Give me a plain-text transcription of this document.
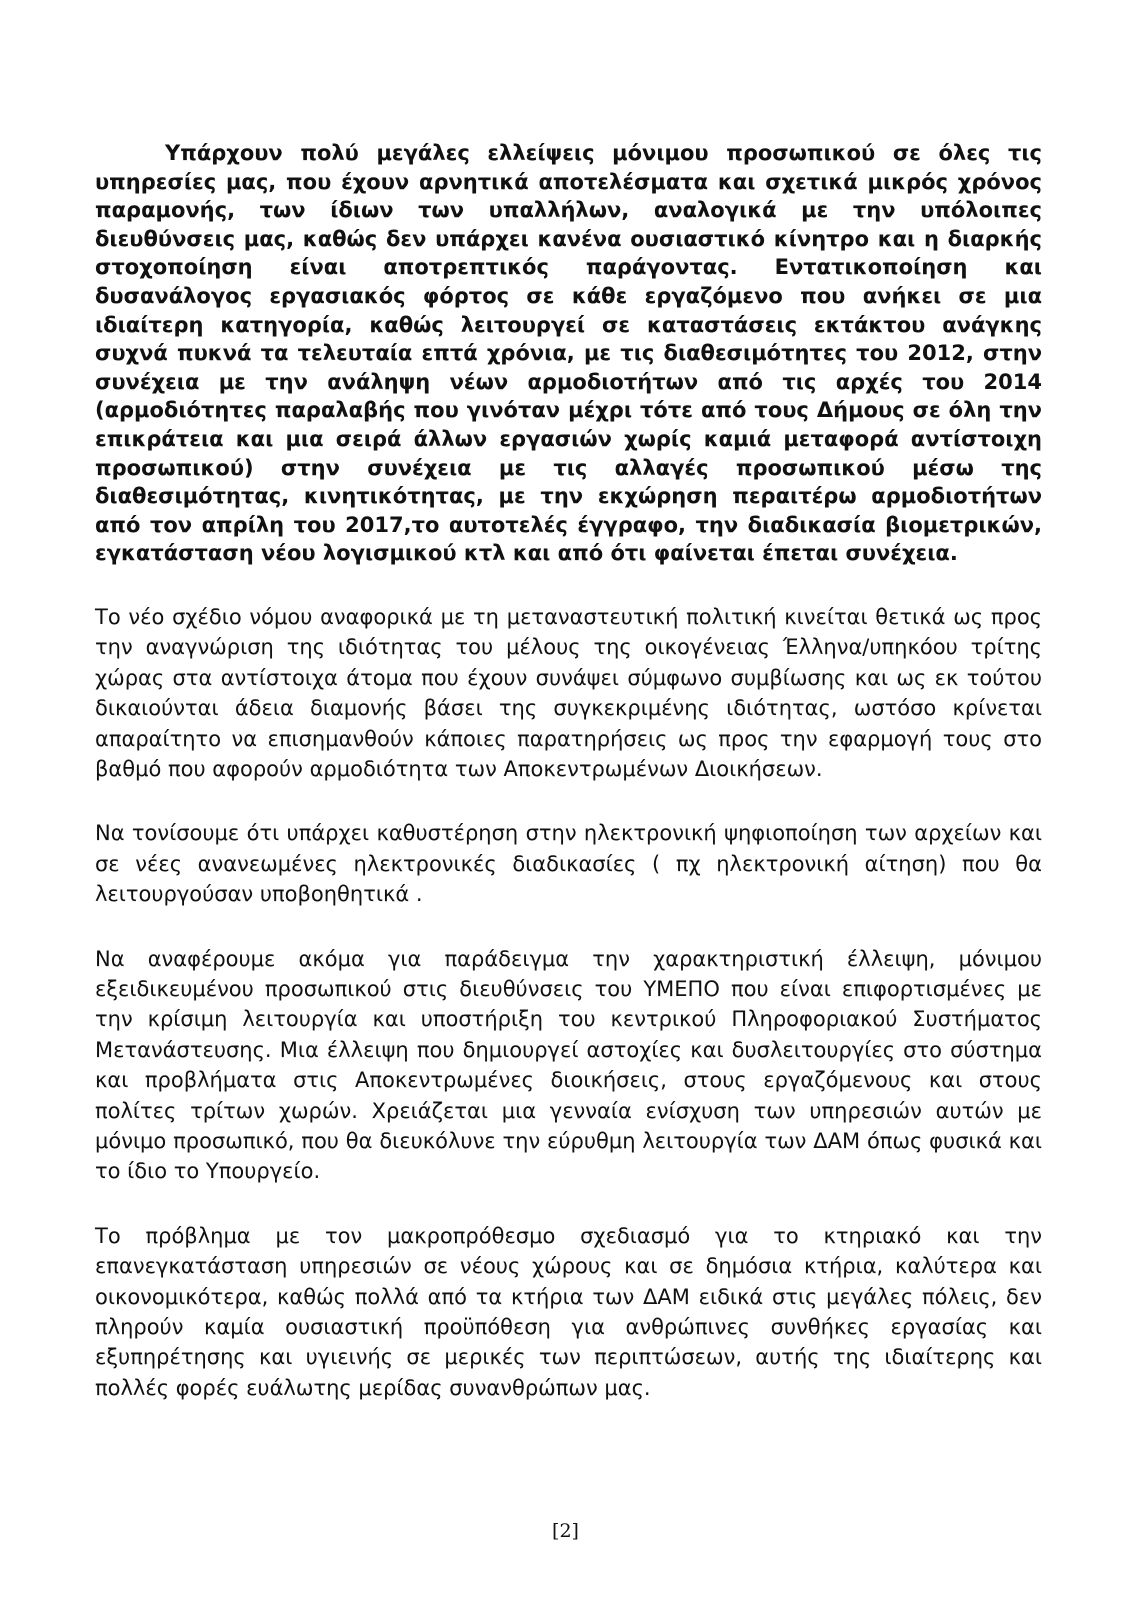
Υπάρχουν πολύ μεγάλες ελλείψεις μόνιμου προσωπικού σε όλες τις υπηρεσίες μας, που έχουν αρνητικά αποτελέσματα και σχετικά μικρός χρόνος παραμονής, των ίδιων των υπαλλήλων, αναλογικά με την υπόλοιπες διευθύνσεις μας, καθώς δεν υπάρχει κανένα ουσιαστικό κίνητρο και η διαρκής στοχοποίηση είναι αποτρεπτικός παράγοντας. Εντατικοποίηση και δυσανάλογος εργασιακός φόρτος σε κάθε εργαζόμενο που ανήκει σε μια ιδιαίτερη κατηγορία, καθώς λειτουργεί σε καταστάσεις εκτάκτου ανάγκης συχνά πυκνά τα τελευταία επτά χρόνια, με τις διαθεσιμότητες του 2012, στην συνέχεια με την ανάληψη νέων αρμοδιοτήτων από τις αρχές του 2014 (αρμοδιότητες παραλαβής που γινόταν μέχρι τότε από τους Δήμους σε όλη την επικράτεια και μια σειρά άλλων εργασιών χωρίς καμιά μεταφορά αντίστοιχη προσωπικού) στην συνέχεια με τις αλλαγές προσωπικού μέσω της διαθεσιμότητας, κινητικότητας, με την εκχώρηση περαιτέρω αρμοδιοτήτων από τον απρίλη του 2017,το αυτοτελές έγγραφο, την διαδικασία βιομετρικών, εγκατάσταση νέου λογισμικού κτλ και από ότι φαίνεται έπεται συνέχεια.

Το νέο σχέδιο νόμου αναφορικά με τη μεταναστευτική πολιτική κινείται θετικά ως προς την αναγνώριση της ιδιότητας του μέλους της οικογένειας Έλληνα/υπηκόου τρίτης χώρας στα αντίστοιχα άτομα που έχουν συνάψει σύμφωνο συμβίωσης και ως εκ τούτου δικαιούνται άδεια διαμονής βάσει της συγκεκριμένης ιδιότητας, ωστόσο κρίνεται απαραίτητο να επισημανθούν κάποιες παρατηρήσεις ως προς την εφαρμογή τους στο βαθμό που αφορούν αρμοδιότητα των Αποκεντρωμένων Διοικήσεων.

Να τονίσουμε ότι υπάρχει καθυστέρηση στην ηλεκτρονική ψηφιοποίηση των αρχείων και σε νέες ανανεωμένες ηλεκτρονικές διαδικασίες ( πχ ηλεκτρονική αίτηση) που θα λειτουργούσαν υποβοηθητικά .

Να αναφέρουμε ακόμα για παράδειγμα την χαρακτηριστική έλλειψη, μόνιμου εξειδικευμένου προσωπικού στις διευθύνσεις του ΥΜΕΠΟ που είναι επιφορτισμένες με την κρίσιμη λειτουργία και υποστήριξη του κεντρικού Πληροφοριακού Συστήματος Μετανάστευσης. Μια έλλειψη που δημιουργεί αστοχίες και δυσλειτουργίες στο σύστημα και προβλήματα στις Αποκεντρωμένες διοικήσεις, στους εργαζόμενους και στους πολίτες τρίτων χωρών. Χρειάζεται μια γενναία ενίσχυση των υπηρεσιών αυτών με μόνιμο προσωπικό, που θα διευκόλυνε την εύρυθμη λειτουργία των ΔΑΜ όπως φυσικά και το ίδιο το Υπουργείο.

Το πρόβλημα με τον μακροπρόθεσμο σχεδιασμό για το κτηριακό και την επανεγκατάσταση υπηρεσιών σε νέους χώρους και σε δημόσια κτήρια, καλύτερα και οικονομικότερα, καθώς πολλά από τα κτήρια των ΔΑΜ ειδικά στις μεγάλες πόλεις, δεν πληρούν καμία ουσιαστική προϋπόθεση για ανθρώπινες συνθήκες εργασίας και εξυπηρέτησης και υγιεινής σε μερικές των περιπτώσεων, αυτής της ιδιαίτερης και πολλές φορές ευάλωτης μερίδας συνανθρώπων μας.

[2]
